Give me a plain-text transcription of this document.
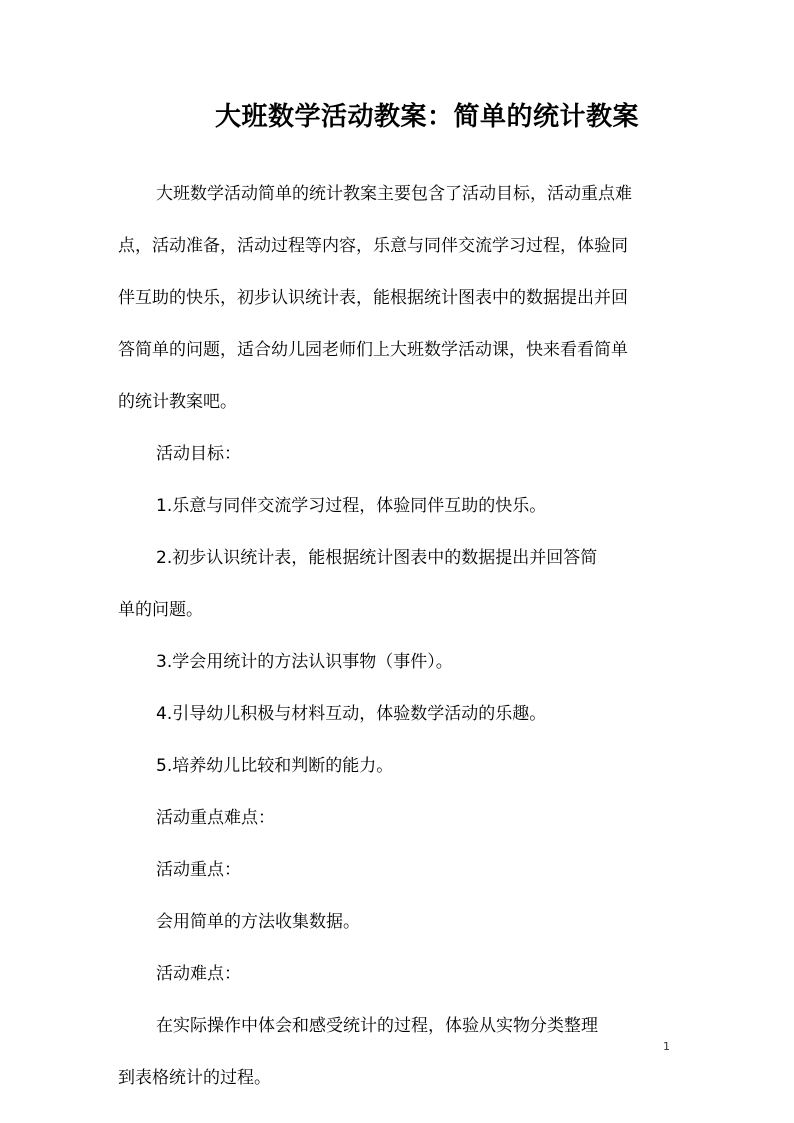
大班数学活动教案：简单的统计教案
大班数学活动简单的统计教案主要包含了活动目标，活动重点难
点，活动准备，活动过程等内容，乐意与同伴交流学习过程，体验同
伴互助的快乐，初步认识统计表，能根据统计图表中的数据提出并回
答简单的问题，适合幼儿园老师们上大班数学活动课，快来看看简单
的统计教案吧。
活动目标：
1.乐意与同伴交流学习过程，体验同伴互助的快乐。
2.初步认识统计表，能根据统计图表中的数据提出并回答简
单的问题。
3.学会用统计的方法认识事物（事件）。
4.引导幼儿积极与材料互动，体验数学活动的乐趣。
5.培养幼儿比较和判断的能力。
活动重点难点：
活动重点：
会用简单的方法收集数据。
活动难点：
在实际操作中体会和感受统计的过程，体验从实物分类整理
到表格统计的过程。
1
